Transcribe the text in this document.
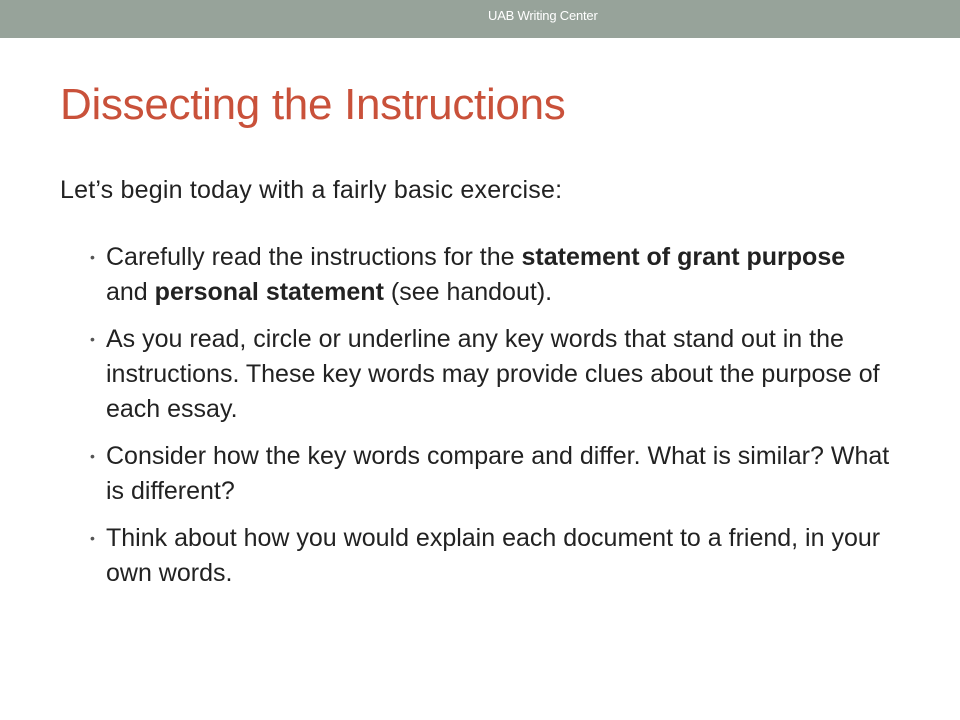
UAB Writing Center
Dissecting the Instructions
Let’s begin today with a fairly basic exercise:
• Carefully read the instructions for the statement of grant purpose and personal statement (see handout).
• As you read, circle or underline any key words that stand out in the instructions. These key words may provide clues about the purpose of each essay.
• Consider how the key words compare and differ. What is similar? What is different?
• Think about how you would explain each document to a friend, in your own words.
